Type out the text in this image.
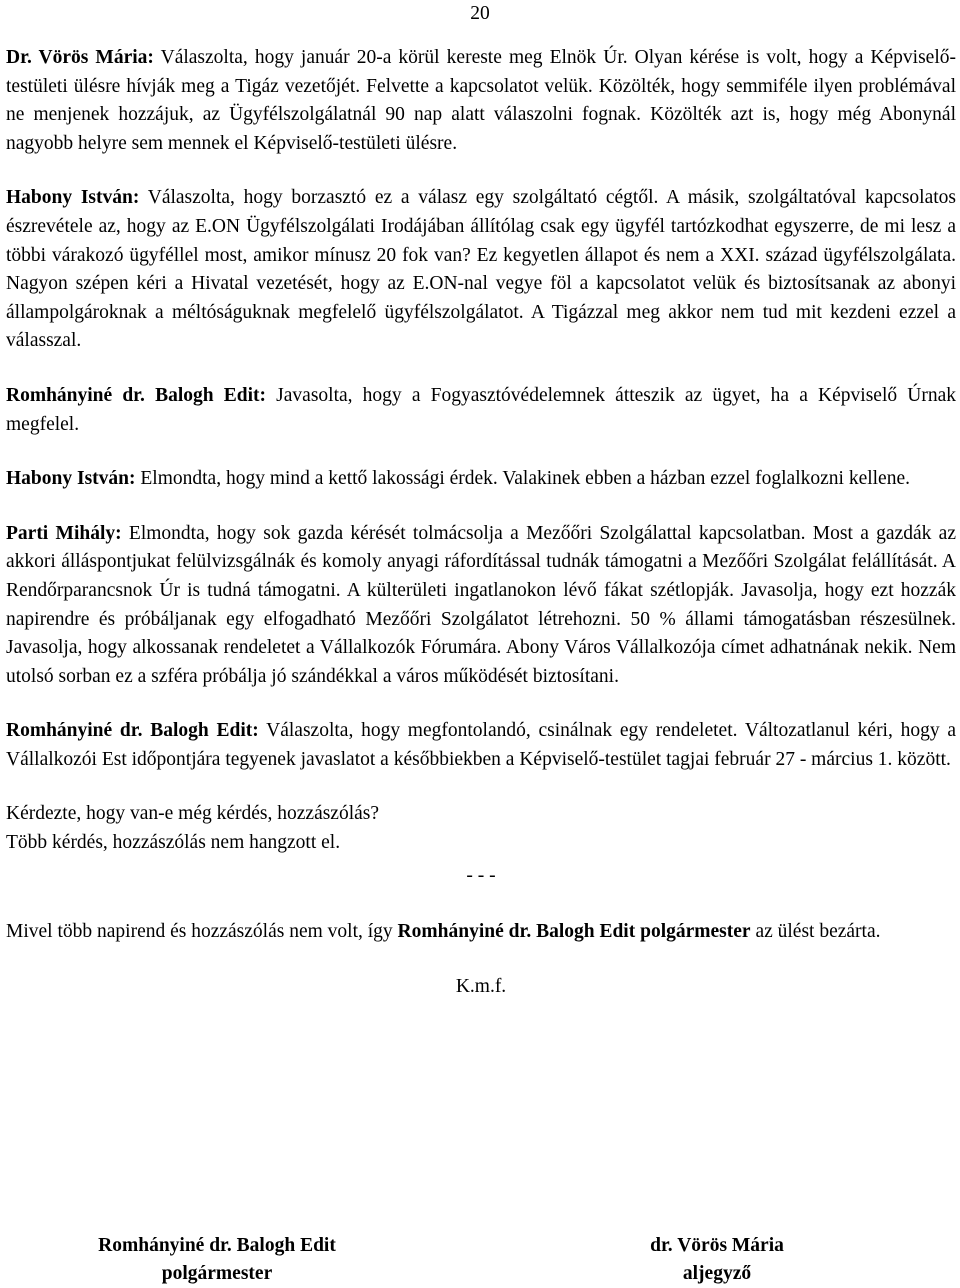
20

Dr. Vörös Mária: Válaszolta, hogy január 20-a körül kereste meg Elnök Úr. Olyan kérése is volt, hogy a Képviselő-testületi ülésre hívják meg a Tigáz vezetőjét. Felvette a kapcsolatot velük. Közölték, hogy semmiféle ilyen problémával ne menjenek hozzájuk, az Ügyfélszolgálatnál 90 nap alatt válaszolni fognak. Közölték azt is, hogy még Abonynál nagyobb helyre sem mennek el Képviselő-testületi ülésre.

Habony István: Válaszolta, hogy borzasztó ez a válasz egy szolgáltató cégtől. A másik, szolgáltatóval kapcsolatos észrevétele az, hogy az E.ON Ügyfélszolgálati Irodájában állítólag csak egy ügyfél tartózkodhat egyszerre, de mi lesz a többi várakozó ügyféllel most, amikor mínusz 20 fok van? Ez kegyetlen állapot és nem a XXI. század ügyfélszolgálata. Nagyon szépen kéri a Hivatal vezetését, hogy az E.ON-nal vegye föl a kapcsolatot velük és biztosítsanak az abonyi állampolgároknak a méltóságuknak megfelelő ügyfélszolgálatot. A Tigázzal meg akkor nem tud mit kezdeni ezzel a válasszal.

Romhányiné dr. Balogh Edit: Javasolta, hogy a Fogyasztóvédelemnek átteszik az ügyet, ha a Képviselő Úrnak megfelel.

Habony István: Elmondta, hogy mind a kettő lakossági érdek. Valakinek ebben a házban ezzel foglalkozni kellene.

Parti Mihály: Elmondta, hogy sok gazda kérését tolmácsolja a Mezőőri Szolgálattal kapcsolatban. Most a gazdák az akkori álláspontjukat felülvizsgálnák és komoly anyagi ráfordítással tudnák támogatni a Mezőőri Szolgálat felállítását. A Rendőrparancsnok Úr is tudná támogatni. A külterületi ingatlanokon lévő fákat szétlopják. Javasolja, hogy ezt hozzák napirendre és próbáljanak egy elfogadható Mezőőri Szolgálatot létrehozni. 50 % állami támogatásban részesülnek. Javasolja, hogy alkossanak rendeletet a Vállalkozók Fórumára. Abony Város Vállalkozója címet adhatnának nekik. Nem utolsó sorban ez a szféra próbálja jó szándékkal a város működését biztosítani.

Romhányiné dr. Balogh Edit: Válaszolta, hogy megfontolandó, csinálnak egy rendeletet. Változatlanul kéri, hogy a Vállalkozói Est időpontjára tegyenek javaslatot a későbbiekben a Képviselő-testület tagjai február 27 - március 1. között.

Kérdezte, hogy van-e még kérdés, hozzászólás?

Több kérdés, hozzászólás nem hangzott el.

- - -

Mivel több napirend és hozzászólás nem volt, így Romhányiné dr. Balogh Edit polgármester az ülést bezárta.

K.m.f.

Romhányiné dr. Balogh Edit
polgármester
dr. Vörös Mária
aljegyző
